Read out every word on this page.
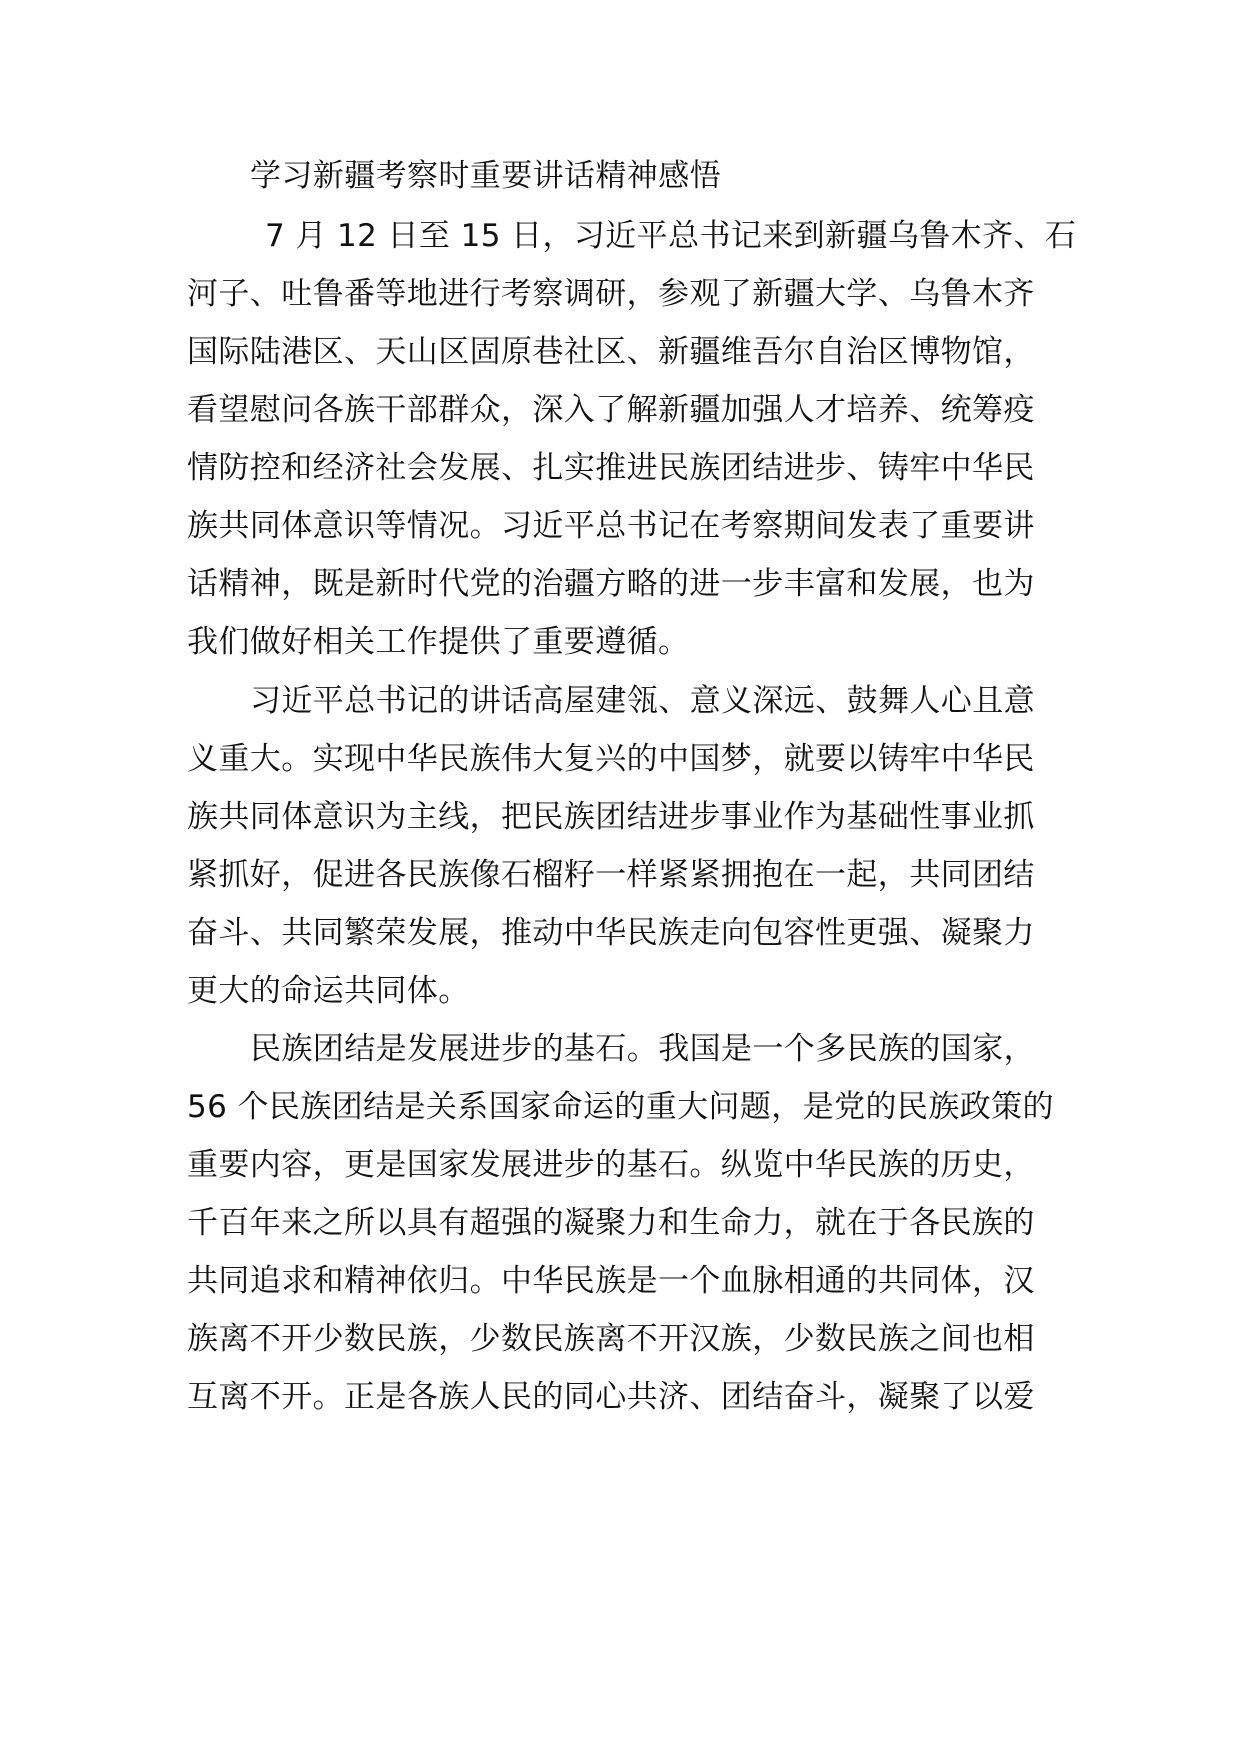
学习新疆考察时重要讲话精神感悟

7 月 12 日至 15 日，习近平总书记来到新疆乌鲁木齐、石

河子、吐鲁番等地进行考察调研，参观了新疆大学、乌鲁木齐

国际陆港区、天山区固原巷社区、新疆维吾尔自治区博物馆，

看望慰问各族干部群众，深入了解新疆加强人才培养、统筹疫

情防控和经济社会发展、扎实推进民族团结进步、铸牢中华民

族共同体意识等情况。习近平总书记在考察期间发表了重要讲

话精神，既是新时代党的治疆方略的进一步丰富和发展，也为

我们做好相关工作提供了重要遵循。

习近平总书记的讲话高屋建瓴、意义深远、鼓舞人心且意

义重大。实现中华民族伟大复兴的中国梦，就要以铸牢中华民

族共同体意识为主线，把民族团结进步事业作为基础性事业抓

紧抓好，促进各民族像石榴籽一样紧紧拥抱在一起，共同团结

奋斗、共同繁荣发展，推动中华民族走向包容性更强、凝聚力

更大的命运共同体。

民族团结是发展进步的基石。我国是一个多民族的国家，

56 个民族团结是关系国家命运的重大问题，是党的民族政策的

重要内容，更是国家发展进步的基石。纵览中华民族的历史，

千百年来之所以具有超强的凝聚力和生命力，就在于各民族的

共同追求和精神依归。中华民族是一个血脉相通的共同体，汉

族离不开少数民族，少数民族离不开汉族，少数民族之间也相

互离不开。正是各族人民的同心共济、团结奋斗，凝聚了以爱
